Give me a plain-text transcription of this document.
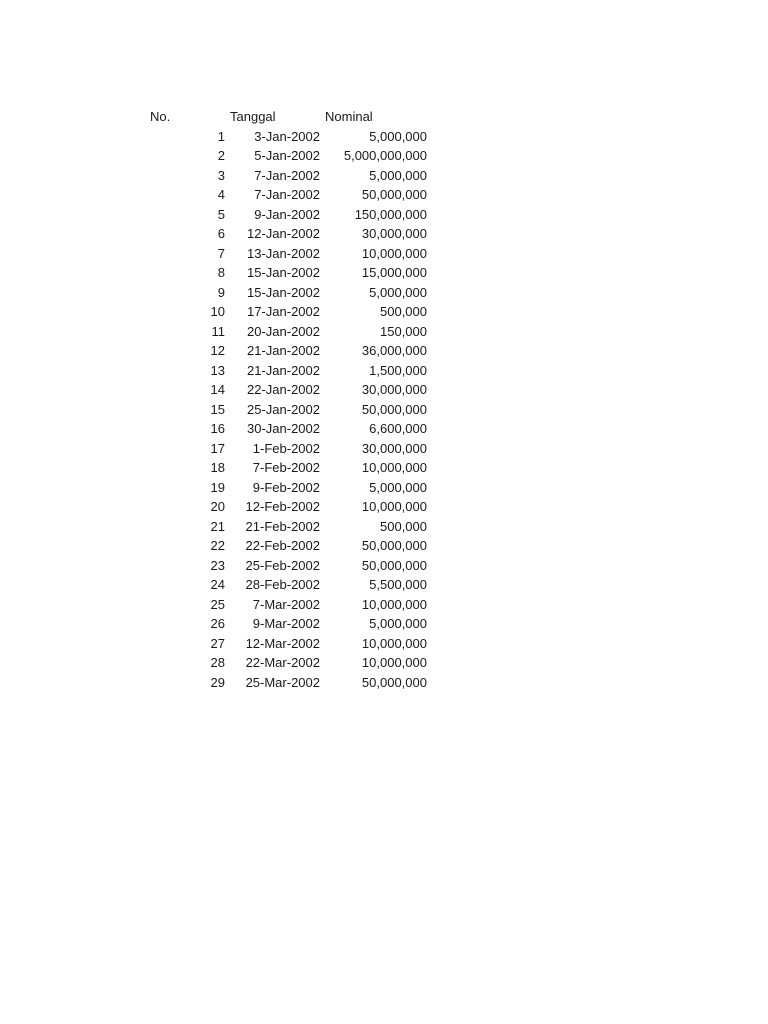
No.	Tanggal	Nominal
1 3-Jan-2002	5,000,000
2 5-Jan-2002 5,000,000,000
3 7-Jan-2002	5,000,000
4 7-Jan-2002	50,000,000
5 9-Jan-2002	150,000,000
6 12-Jan-2002	30,000,000
7 13-Jan-2002	10,000,000
8 15-Jan-2002	15,000,000
9 15-Jan-2002	5,000,000
10 17-Jan-2002	500,000
11 20-Jan-2002	150,000
12 21-Jan-2002	36,000,000
13 21-Jan-2002	1,500,000
14 22-Jan-2002	30,000,000
15 25-Jan-2002	50,000,000
16 30-Jan-2002	6,600,000
17 1-Feb-2002	30,000,000
18 7-Feb-2002	10,000,000
19 9-Feb-2002	5,000,000
20 12-Feb-2002	10,000,000
21 21-Feb-2002	500,000
22 22-Feb-2002	50,000,000
23 25-Feb-2002	50,000,000
24 28-Feb-2002	5,500,000
25 7-Mar-2002	10,000,000
26 9-Mar-2002	5,000,000
27 12-Mar-2002	10,000,000
28 22-Mar-2002	10,000,000
29 25-Mar-2002	50,000,000
